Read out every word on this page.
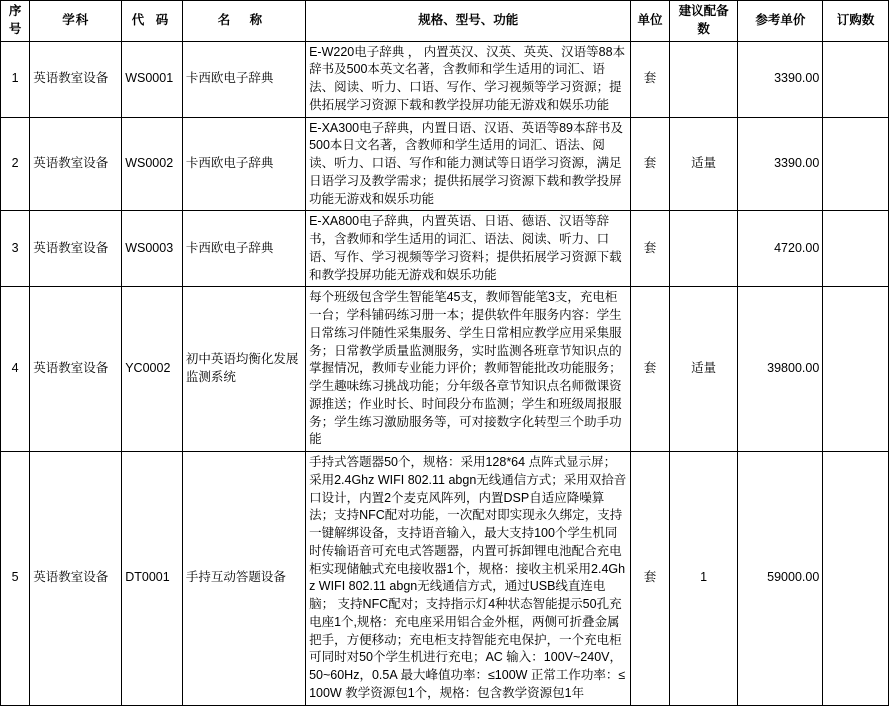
序号	学科	代 码	名 称	规格、型号、功能	单位	建议配备数	参考单价	订购数
1	英语教室设备	WS0001	卡西欧电子辞典	E-W220电子辞典 ， 内置英汉、汉英、英英、汉语等88本辞书及500本英文名著，含教师和学生适用的词汇、语法、阅读、听力、口语、写作、学习视频等学习资源；提供拓展学习资源下载和教学投屏功能无游戏和娱乐功能	套		3390.00	
2	英语教室设备	WS0002	卡西欧电子辞典	E-XA300电子辞典，内置日语、汉语、英语等89本辞书及500本日文名著，含教师和学生适用的词汇、语法、阅读、听力、口语、写作和能力测试等日语学习资源，满足日语学习及教学需求；提供拓展学习资源下载和教学投屏功能无游戏和娱乐功能	套	适量	3390.00	
3	英语教室设备	WS0003	卡西欧电子辞典	E-XA800电子辞典，内置英语、日语、德语、汉语等辞书，含教师和学生适用的词汇、语法、阅读、听力、口语、写作、学习视频等学习资料；提供拓展学习资源下载和教学投屏功能无游戏和娱乐功能	套		4720.00	
4	英语教室设备	YC0002	初中英语均衡化发展监测系统	每个班级包含学生智能笔45支，教师智能笔3支，充电柜一台；学科铺码练习册一本；提供软件年服务内容：学生日常练习伴随性采集服务、学生日常相应教学应用采集服务；日常教学质量监测服务，实时监测各班章节知识点的掌握情况，教师专业能力评价；教师智能批改功能服务；学生趣味练习挑战功能；分年级各章节知识点名师微课资源推送；作业时长、时间段分布监测；学生和班级周报服务；学生练习激励服务等，可对接数字化转型三个助手功能	套	适量	39800.00	
5	英语教室设备	DT0001	手持互动答题设备	手持式答题器50个，规格：采用128*64 点阵式显示屏；采用2.4Ghz WIFI 802.11 abgn无线通信方式；采用双拾音口设计，内置2个麦克风阵列，内置DSP自适应降噪算法；支持NFC配对功能，一次配对即实现永久绑定，支持一键解绑设备，支持语音输入，最大支持100个学生机同时传输语音可充电式答题器，内置可拆卸锂电池配合充电柜实现储触式充电接收器1个，规格：接收主机采用2.4Ghz WIFI 802.11 abgn无线通信方式，通过USB线直连电脑； 支持NFC配对；支持指示灯4种状态智能提示50孔充电座1个,规格：充电座采用铝合金外框，两侧可折叠金属把手，方便移动；充电柜支持智能充电保护，一个充电柜可同时对50个学生机进行充电；AC 输入：100V~240V，50~60Hz，0.5A 最大峰值功率：≤100W 正常工作功率：≤100W 教学资源包1个，规格：包含教学资源包1年	套	1	59000.00	
